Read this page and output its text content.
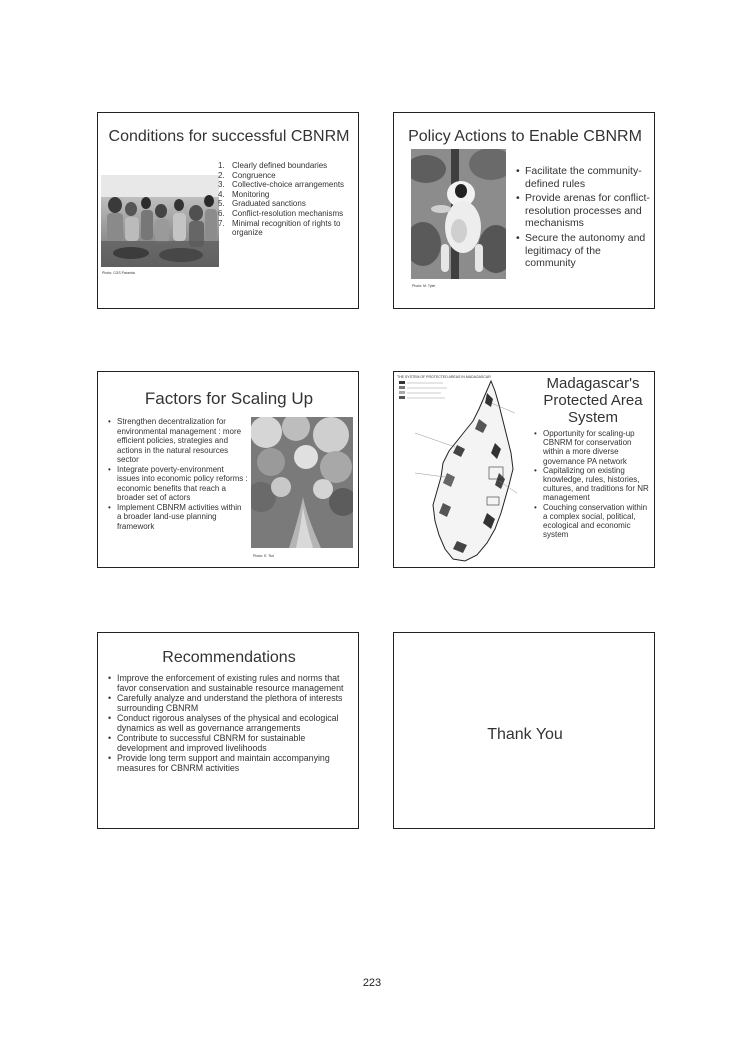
Conditions for successful CBNRM
Photo: CGS Paranda
1. Clearly defined boundaries
2. Congruence
3. Collective-choice arrangements
4. Monitoring
5. Graduated sanctions
6. Conflict-resolution mechanisms
7. Minimal recognition of rights to organize
Policy Actions to Enable CBNRM
Photo: M. Tyler
• Facilitate the community-defined rules
• Provide arenas for conflict-resolution processes and mechanisms
• Secure the autonomy and legitimacy of the community
Factors for Scaling Up
• Strengthen decentralization for environmental management : more efficient policies, strategies and actions in the natural resources sector
• Integrate poverty-environment issues into economic policy reforms : economic benefits that reach a broader set of actors
• Implement CBNRM activities within a broader land-use planning framework
Photo: E. Tsd
THE SYSTEM OF PROTECTED AREAS IN MADAGASCAR	Madagascar's Protected Area System
• Opportunity for scaling-up CBNRM for conservation within a more diverse governance PA network
• Capitalizing on existing knowledge, rules, histories, cultures, and traditions for NR management
• Couching conservation within a complex social, political, ecological and economic system
Recommendations
• Improve the enforcement of existing rules and norms that favor conservation and sustainable resource management
• Carefully analyze and understand the plethora of interests surrounding CBNRM
• Conduct rigorous analyses of the physical and ecological dynamics as well as governance arrangements
• Contribute to successful CBNRM for sustainable development and improved livelihoods
• Provide long term support and maintain accompanying measures for CBNRM activities
Thank You
223
